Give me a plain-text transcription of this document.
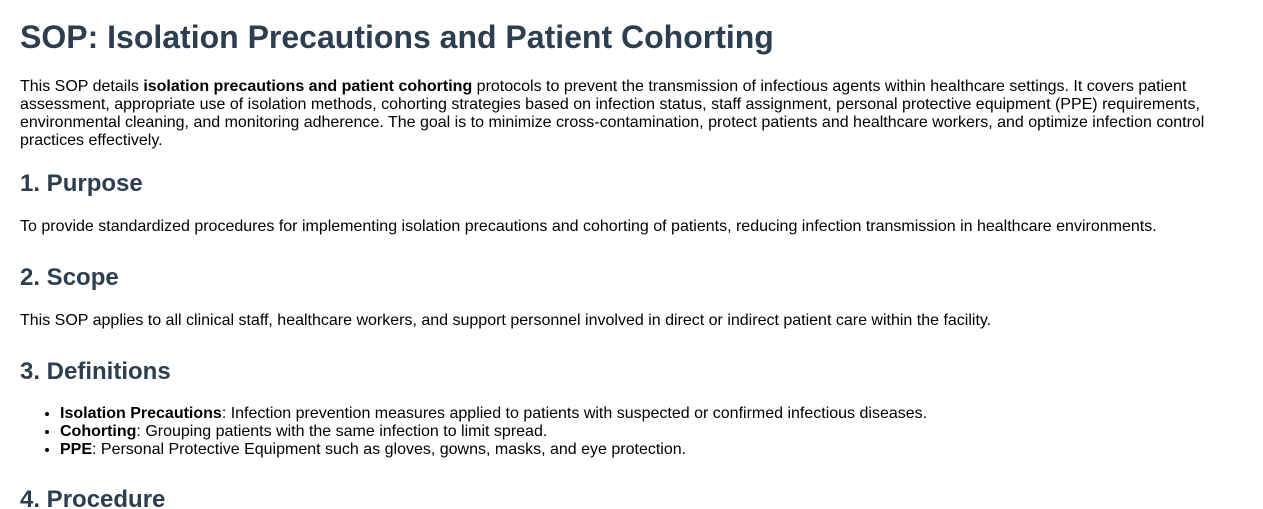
SOP: Isolation Precautions and Patient Cohorting

This SOP details isolation precautions and patient cohorting protocols to prevent the transmission of infectious agents within healthcare settings. It covers patient assessment, appropriate use of isolation methods, cohorting strategies based on infection status, staff assignment, personal protective equipment (PPE) requirements, environmental cleaning, and monitoring adherence. The goal is to minimize cross-contamination, protect patients and healthcare workers, and optimize infection control practices effectively.

1. Purpose

To provide standardized procedures for implementing isolation precautions and cohorting of patients, reducing infection transmission in healthcare environments.

2. Scope

This SOP applies to all clinical staff, healthcare workers, and support personnel involved in direct or indirect patient care within the facility.

3. Definitions
• Isolation Precautions: Infection prevention measures applied to patients with suspected or confirmed infectious diseases.
• Cohorting: Grouping patients with the same infection to limit spread.
• PPE: Personal Protective Equipment such as gloves, gowns, masks, and eye protection.
4. Procedure
